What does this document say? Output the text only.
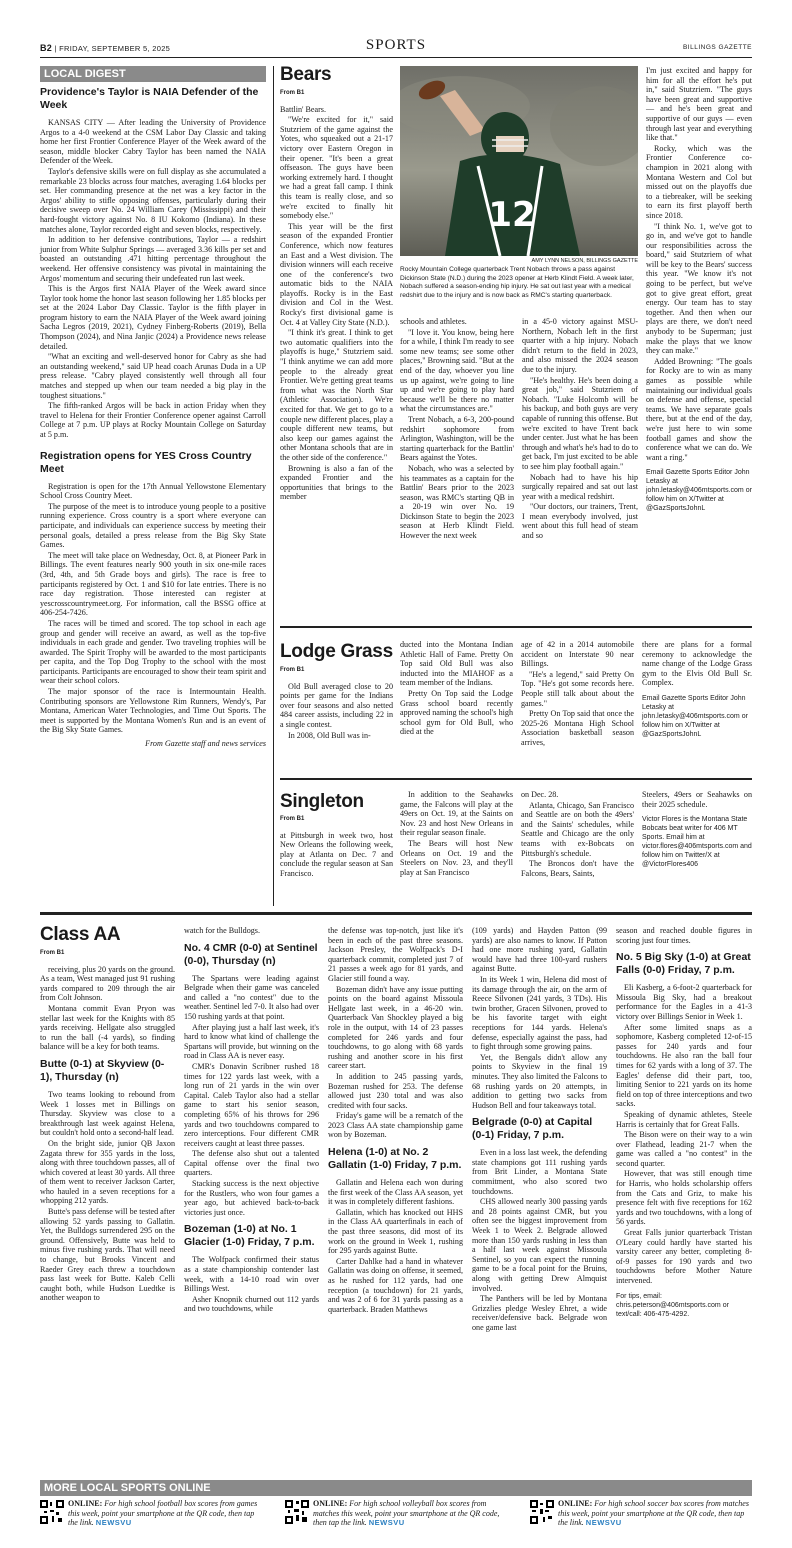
B2 | FRIDAY, SEPTEMBER 5, 2025	SPORTS	BILLINGS GAZETTE
LOCAL DIGEST
Providence's Taylor is NAIA Defender of the Week

KANSAS CITY — After leading the University of Providence Argos to a 4-0 weekend at the CSM Labor Day Classic and taking home her first Frontier Conference Player of the Week award of the season, middle blocker Cabry Taylor has been named the NAIA Defender of the Week.

Taylor's defensive skills were on full display as she accumulated a remarkable 23 blocks across four matches, averaging 1.64 blocks per set. Her commanding presence at the net was a key factor in the Argos' ability to stifle opposing offenses, particularly during their decisive sweep over No. 24 William Carey (Mississippi) and their hard-fought victory against No. 8 IU Kokomo (Indiana). In these matches alone, Taylor recorded eight and seven blocks, respectively.

In addition to her defensive contributions, Taylor — a redshirt junior from White Sulphur Springs — averaged 3.36 kills per set and boasted an outstanding .471 hitting percentage throughout the weekend. Her offensive consistency was pivotal in maintaining the Argos' momentum and securing their undefeated run last week.

This is the Argos first NAIA Player of the Week award since Taylor took home the honor last season following her 1.85 blocks per set at the 2024 Labor Day Classic. Taylor is the fifth player in program history to earn the NAIA Player of the Week award joining Sacha Legros (2019, 2021), Cydney Finberg-Roberts (2019), Bella Thompson (2024), and Nina Janjic (2024) a Providence news release detailed.

"What an exciting and well-deserved honor for Cabry as she had an outstanding weekend," said UP head coach Arunas Duda in a UP press release. "Cabry played consistently well through all four matches and stepped up when our team needed a big play in the toughest situations."

The fifth-ranked Argos will be back in action Friday when they travel to Helena for their Frontier Conference opener against Carroll College at 7 p.m. UP plays at Rocky Mountain College on Saturday at 5 p.m.

Registration opens for YES Cross Country Meet

Registration is open for the 17th Annual Yellowstone Elementary School Cross Country Meet.

The purpose of the meet is to introduce young people to a positive running experience. Cross country is a sport where everyone can participate, and individuals can experience success by meeting their personal goals, detailed a press release from the Big Sky State Games.

The meet will take place on Wednesday, Oct. 8, at Pioneer Park in Billings. The event features nearly 900 youth in six one-mile races (3rd, 4th, and 5th Grade boys and girls). The race is free to participants registered by Oct. 1 and $10 for late entries. There is no race day registration. Those interested can register at yescrosscountrymeet.org. For information, call the BSSG office at 406-254-7426.

The races will be timed and scored. The top school in each age group and gender will receive an award, as well as the top-five individuals in each grade and gender. Two traveling trophies will be awarded. The Spirit Trophy will be awarded to the most participants per capita, and the Top Dog Trophy to the school with the most participants. Participants are encouraged to show their team spirit and wear their school colors.

The major sponsor of the race is Intermountain Health. Contributing sponsors are Yellowstone Rim Runners, Wendy's, Par Montana, American Water Technologies, and Time Out Sports. The meet is supported by the Montana Women's Run and is an event of the Big Sky State Games.

From Gazette staff and news services
Bears
From B1

Battlin' Bears.

"We're excited for it," said Stutzriem of the game against the Yotes, who squeaked out a 21-17 victory over Eastern Oregon in their opener. "It's been a great offseason. The guys have been working extremely hard. I thought we had a great fall camp. I think this team is really close, and so we're excited to finally hit somebody else."

This year will be the first season of the expanded Frontier Conference, which now features an East and a West division. The division winners will each receive one of the conference's two automatic bids to the NAIA playoffs. Rocky is in the East division and Col in the West. Rocky's first divisional game is Oct. 4 at Valley City State (N.D.).

"I think it's great. I think to get two automatic qualifiers into the playoffs is huge," Stutzriem said. "I think anytime we can add more people to the already great Frontier. We're getting great teams from what was the North Star (Athletic Association). We're excited for that. We get to go to a couple new different places, play a couple different new teams, but also keep our games against the other Montana schools that are in the other side of the conference."

Browning is also a fan of the expanded Frontier and the opportunities that brings to the member

12
AMY LYNN NELSON, BILLINGS GAZETTE
Rocky Mountain College quarterback Trent Nobach throws a pass against Dickinson State (N.D.) during the 2023 opener at Herb Klindt Field. A week later, Nobach suffered a season-ending hip injury. He sat out last year with a medical redshirt due to the injury and is now back as RMC's starting quarterback.

schools and athletes.

"I love it. You know, being here for a while, I think I'm ready to see some new teams; see some other places," Browning said. "But at the end of the day, whoever you line us up against, we're going to line up and we're going to play hard because we'll be there no matter what the circumstances are."

Trent Nobach, a 6-3, 200-pound redshirt sophomore from Arlington, Washington, will be the starting quarterback for the Battlin' Bears against the Yotes.

Nobach, who was a selected by his teammates as a captain for the Battlin' Bears prior to the 2023 season, was RMC's starting QB in a 20-19 win over No. 19 Dickinson State to begin the 2023 season at Herb Klindt Field. However the next week

in a 45-0 victory against MSU-Northern, Nobach left in the first quarter with a hip injury. Nobach didn't return to the field in 2023, and also missed the 2024 season due to the injury.

"He's healthy. He's been doing a great job," said Stutzriem of Nobach. "Luke Holcomb will be his backup, and both guys are very capable of running this offense. But we're excited to have Trent back under center. Just what he has been through and what's he's had to do to get back, I'm just excited to be able to see him play football again."

Nobach had to have his hip surgically repaired and sat out last year with a medical redshirt.

"Our doctors, our trainers, Trent, I mean everybody involved, just went about this full head of steam and so

I'm just excited and happy for him for all the effort he's put in," said Stutzriem. "The guys have been great and supportive — and he's been great and supportive of our guys — even through last year and everything like that."

Rocky, which was the Frontier Conference co-champion in 2021 along with Montana Western and Col but missed out on the playoffs due to a tiebreaker, will be seeking to earn its first playoff berth since 2018.

"I think No. 1, we've got to go in, and we've got to handle our responsibilities across the board," said Stutzriem of what will be key to the Bears' success this year. "We know it's not going to be perfect, but we've got to give great effort, great energy. Our team has to stay together. And then when our plays are there, we don't need anybody to be Superman; just make the plays that we know they can make."

Added Browning: "The goals for Rocky are to win as many games as possible while maintaining our individual goals on defense and offense, special teams. We have separate goals there, but at the end of the day, we're just here to win some football games and show the conference what we can do. We want a ring."

Email Gazette Sports Editor John Letasky at john.letasky@406mtsports.com or follow him on X/Twitter at @GazSportsJohnL
Lodge Grass
From B1

Old Bull averaged close to 20 points per game for the Indians over four seasons and also netted 484 career assists, including 22 in a single contest.

In 2008, Old Bull was in-

ducted into the Montana Indian Athletic Hall of Fame. Pretty On Top said Old Bull was also inducted into the MIAHOF as a team member of the Indians.

Pretty On Top said the Lodge Grass school board recently approved naming the school's high school gym for Old Bull, who died at the

age of 42 in a 2014 automobile accident on Interstate 90 near Billings.

"He's a legend," said Pretty On Top. "He's got some records here. People still talk about about the games."

Pretty On Top said that once the 2025-26 Montana High School Association basketball season arrives,

there are plans for a formal ceremony to acknowledge the name change of the Lodge Grass gym to the Elvis Old Bull Sr. Complex.

Email Gazette Sports Editor John Letasky at john.letasky@406mtsports.com or follow him on X/Twitter at @GazSportsJohnL
Singleton
From B1

at Pittsburgh in week two, host New Orleans the following week, play at Atlanta on Dec. 7 and conclude the regular season at San Francisco.

In addition to the Seahawks game, the Falcons will play at the 49ers on Oct. 19, at the Saints on Nov. 23 and host New Orleans in their regular season finale.

The Bears will host New Orleans on Oct. 19 and the Steelers on Nov. 23, and they'll play at San Francisco

on Dec. 28.

Atlanta, Chicago, San Francisco and Seattle are on both the 49ers' and the Saints' schedules, while Seattle and Chicago are the only teams with ex-Bobcats on Pittsburgh's schedule.

The Broncos don't have the Falcons, Bears, Saints,

Steelers, 49ers or Seahawks on their 2025 schedule.

Victor Flores is the Montana State Bobcats beat writer for 406 MT Sports. Email him at victor.flores@406mtsports.com and follow him on Twitter/X at @VictorFlores406
Class AA
From B1

receiving, plus 20 yards on the ground. As a team, West managed just 91 rushing yards compared to 209 through the air from Colt Johnson.

Montana commit Evan Pryon was stellar last week for the Knights with 85 yards receiving. Hellgate also struggled to run the ball (-4 yards), so finding balance will be a key for both teams.

Butte (0-1) at Skyview (0-1), Thursday (n)

Two teams looking to rebound from Week 1 losses met in Billings on Thursday. Skyview was close to a breakthrough last week against Helena, but couldn't hold onto a second-half lead.

On the bright side, junior QB Jaxon Zagata threw for 355 yards in the loss, along with three touchdown passes, all of which covered at least 30 yards. All three of them went to receiver Jackson Carter, who hauled in a seven receptions for a whopping 212 yards.

Butte's pass defense will be tested after allowing 52 yards passing to Gallatin. Yet, the Bulldogs surrendered 295 on the ground. Offensively, Butte was held to minus five rushing yards. That will need to change, but Brooks Vincent and Raeder Grey each threw a touchdown pass last week for Butte. Kaleb Celli caught both, while Hudson Luedtke is another weapon to

watch for the Bulldogs.

No. 4 CMR (0-0) at Sentinel (0-0), Thursday (n)

The Spartans were leading against Belgrade when their game was canceled and called a "no contest" due to the weather. Sentinel led 7-0. It also had over 150 rushing yards at that point.

After playing just a half last week, it's hard to know what kind of challenge the Spartans will provide, but winning on the road in Class AA is never easy.

CMR's Donavin Scribner rushed 18 times for 122 yards last week, with a long run of 21 yards in the win over Capital. Caleb Taylor also had a stellar game to start his senior season, completing 65% of his throws for 296 yards and two touchdowns compared to zero interceptions. Four different CMR receivers caught at least three passes.

The defense also shut out a talented Capital offense over the final two quarters.

Stacking success is the next objective for the Rustlers, who won four games a year ago, but achieved back-to-back victories just once.

Bozeman (1-0) at No. 1 Glacier (1-0) Friday, 7 p.m.

The Wolfpack confirmed their status as a state championship contender last week, with a 14-10 road win over Billings West.

Asher Knopnik churned out 112 yards and two touchdowns, while

the defense was top-notch, just like it's been in each of the past three seasons. Jackson Presley, the Wolfpack's D-I quarterback commit, completed just 7 of 21 passes a week ago for 81 yards, and Glacier still found a way.

Bozeman didn't have any issue putting points on the board against Missoula Hellgate last week, in a 46-20 win. Quarterback Van Shockley played a big role in the output, with 14 of 23 passes completed for 246 yards and four touchdowns, to go along with 68 yards rushing and another score in his first career start.

In addition to 245 passing yards, Bozeman rushed for 253. The defense allowed just 230 total and was also credited with four sacks.

Friday's game will be a rematch of the 2023 Class AA state championship game won by Bozeman.

Helena (1-0) at No. 2 Gallatin (1-0) Friday, 7 p.m.

Gallatin and Helena each won during the first week of the Class AA season, yet it was in completely different fashions.

Gallatin, which has knocked out HHS in the Class AA quarterfinals in each of the past three seasons, did most of its work on the ground in Week 1, rushing for 295 yards against Butte.

Carter Dahlke had a hand in whatever Gallatin was doing on offense, it seemed, as he rushed for 112 yards, had one reception (a touchdown) for 21 yards, and was 2 of 6 for 31 yards passing as a quarterback. Braden Matthews

(109 yards) and Hayden Patton (99 yards) are also names to know. If Patton had one more rushing yard, Gallatin would have had three 100-yard rushers against Butte.

In its Week 1 win, Helena did most of its damage through the air, on the arm of Reece Silvonen (241 yards, 3 TDs). His twin brother, Gracen Silvonen, proved to be his favorite target with eight receptions for 144 yards. Helena's defense, especially against the pass, had to fight through some growing pains.

Yet, the Bengals didn't allow any points to Skyview in the final 19 minutes. They also limited the Falcons to 68 rushing yards on 20 attempts, in addition to getting two sacks from Hudson Bell and four takeaways total.

Belgrade (0-0) at Capital (0-1) Friday, 7 p.m.

Even in a loss last week, the defending state champions got 111 rushing yards from Brit Linder, a Montana State commitment, who also scored two touchdowns.

CHS allowed nearly 300 passing yards and 28 points against CMR, but you often see the biggest improvement from Week 1 to Week 2. Belgrade allowed more than 150 yards rushing in less than a half last week against Missoula Sentinel, so you can expect the running game to be a focal point for the Bruins, along with getting Drew Almquist involved.

The Panthers will be led by Montana Grizzlies pledge Wesley Ehret, a wide receiver/defensive back. Belgrade won one game last

season and reached double figures in scoring just four times.

No. 5 Big Sky (1-0) at Great Falls (0-0) Friday, 7 p.m.

Eli Kasberg, a 6-foot-2 quarterback for Missoula Big Sky, had a breakout performance for the Eagles in a 41-3 victory over Billings Senior in Week 1.

After some limited snaps as a sophomore, Kasberg completed 12-of-15 passes for 240 yards and four touchdowns. He also ran the ball four times for 62 yards with a long of 37. The Eagles' defense did their part, too, limiting Senior to 221 yards on its home field on top of three interceptions and two sacks.

Speaking of dynamic athletes, Steele Harris is certainly that for Great Falls.

The Bison were on their way to a win over Flathead, leading 21-7 when the game was called a "no contest" in the second quarter.

However, that was still enough time for Harris, who holds scholarship offers from the Cats and Griz, to make his presence felt with five receptions for 162 yards and two touchdowns, with a long of 56 yards.

Great Falls junior quarterback Tristan O'Leary could hardly have started his varsity career any better, completing 8-of-9 passes for 190 yards and two touchdowns before Mother Nature intervened.

For tips, email: chris.peterson@406mtsports.com or text/call: 406-475-4292.
MORE LOCAL SPORTS ONLINE
ONLINE: For high school football box scores from games this week, point your smartphone at the QR code, then tap the link. NEWSVU
ONLINE: For high school volleyball box scores from matches this week, point your smartphone at the QR code, then tap the link. NEWSVU
ONLINE: For high school soccer box scores from matches this week, point your smartphone at the QR code, then tap the link. NEWSVU
